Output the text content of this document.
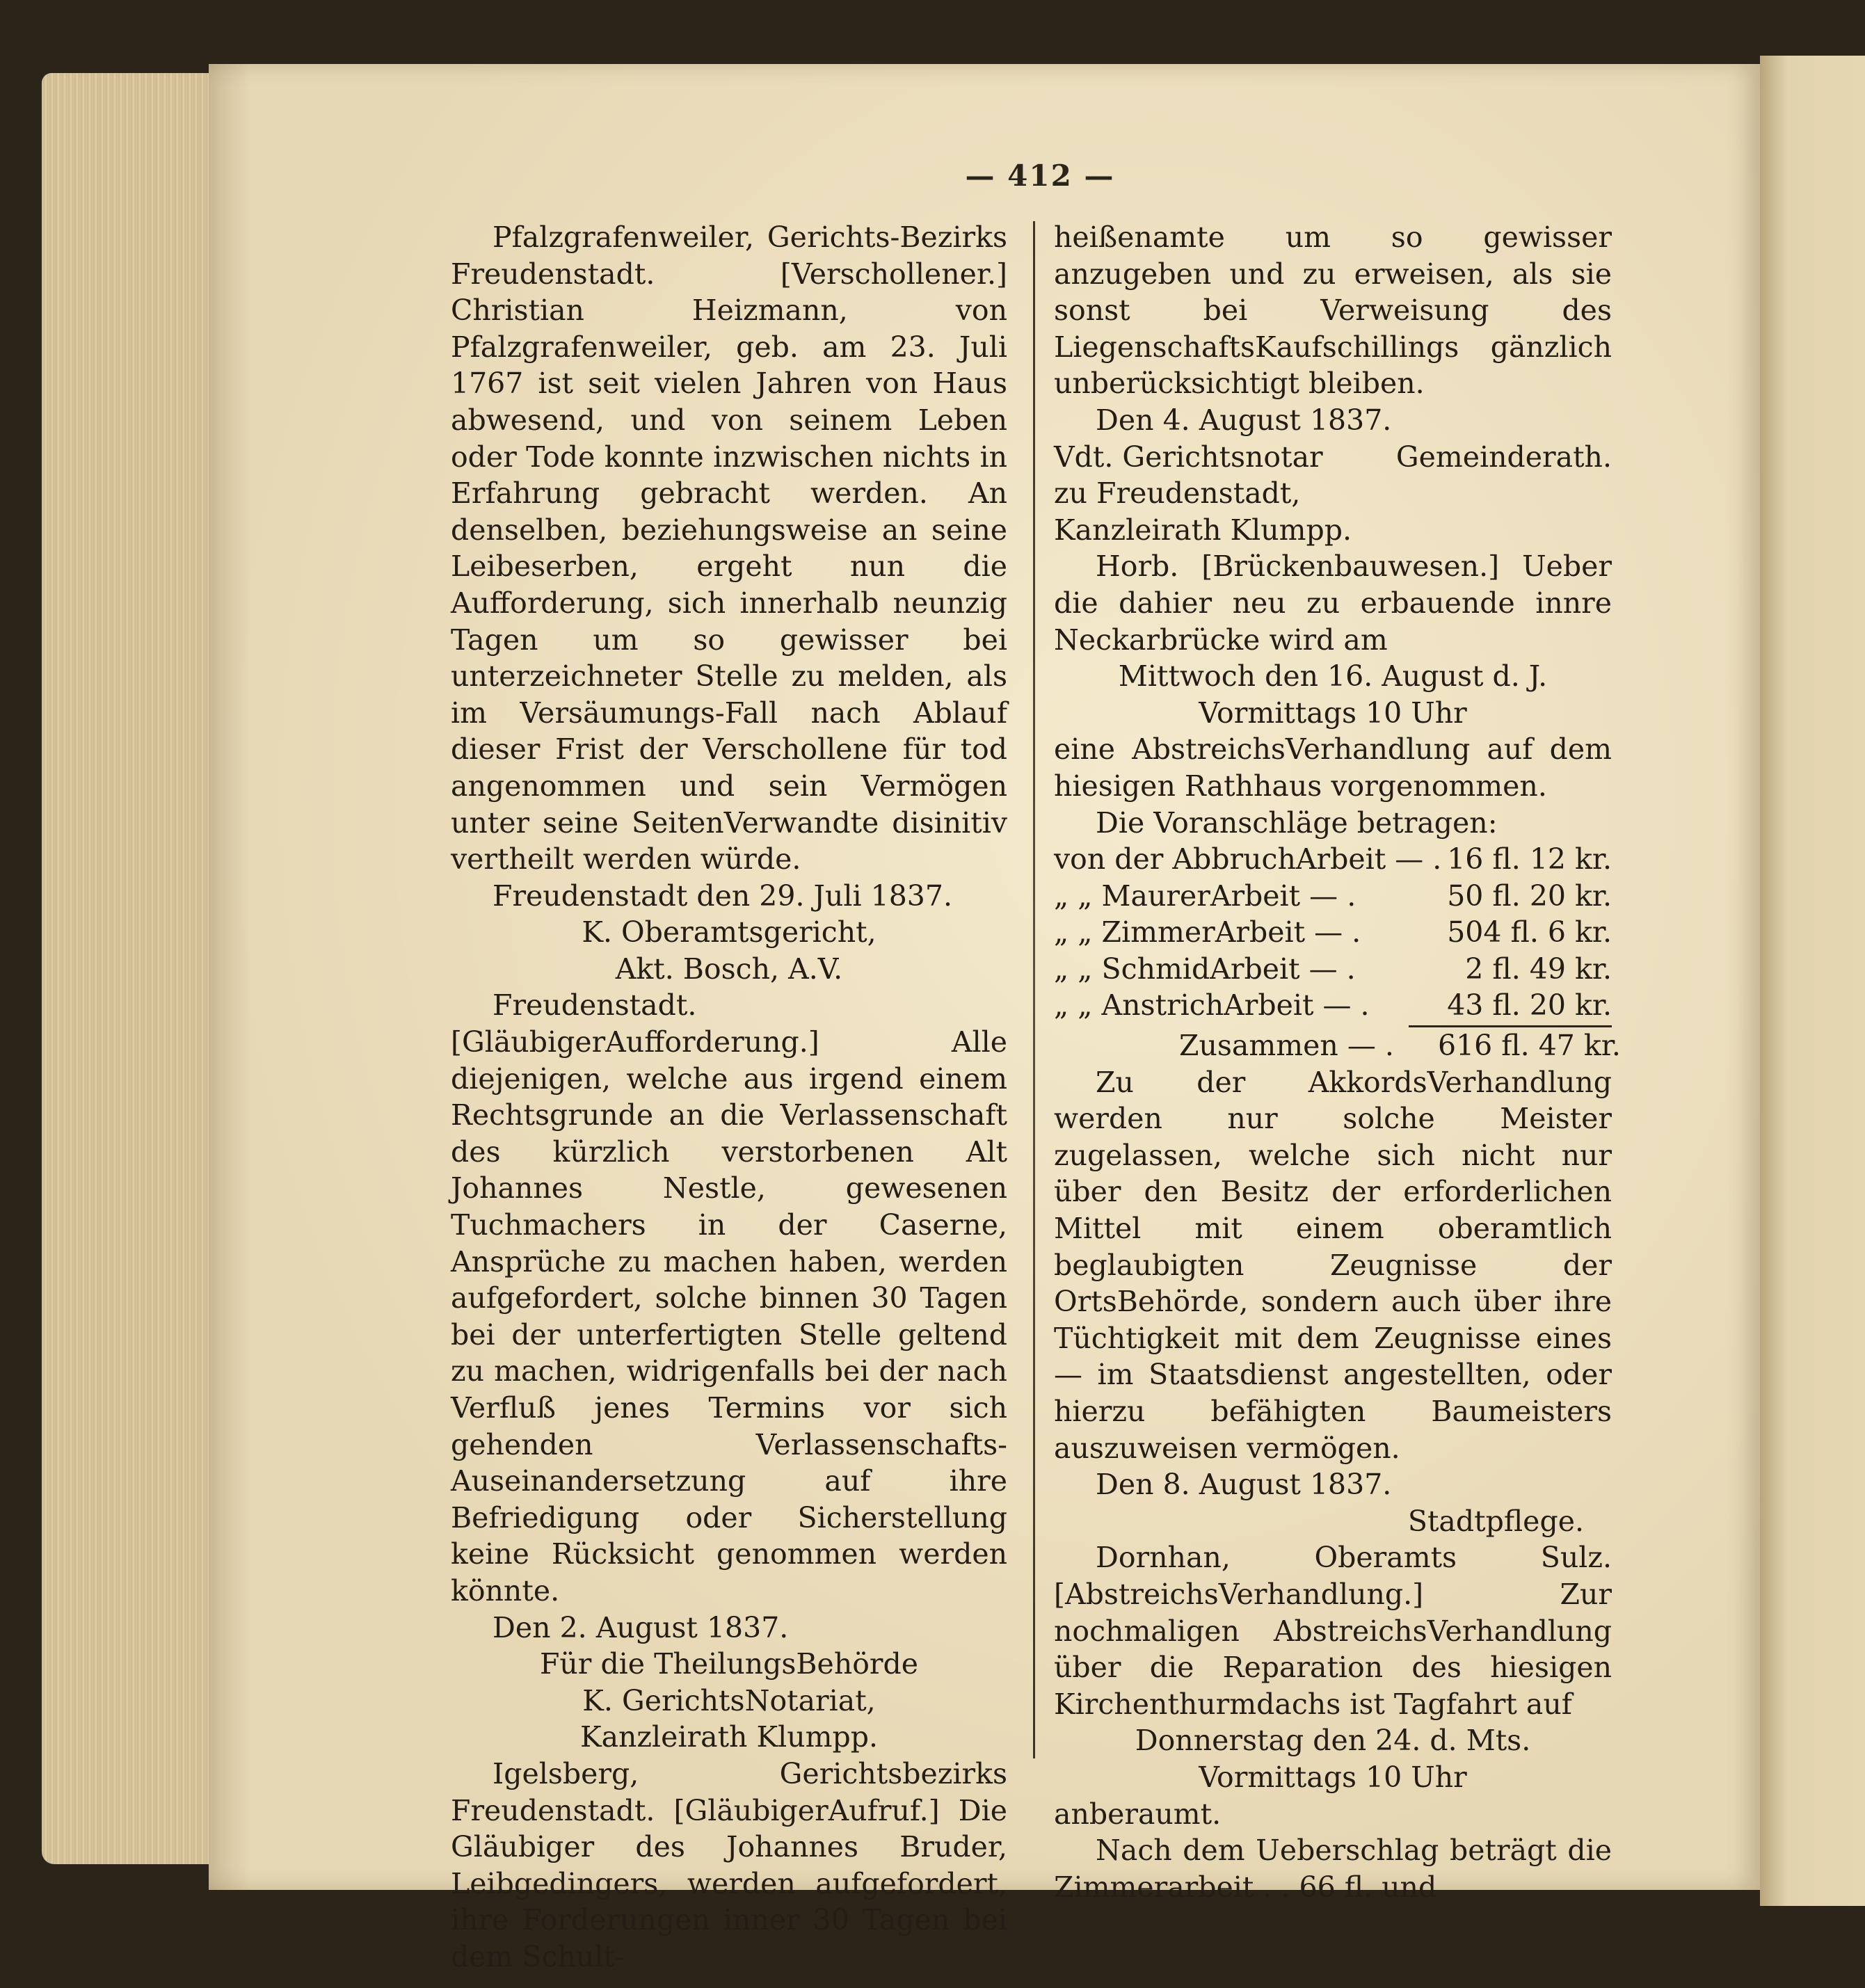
— 412 —

Pfalzgrafenweiler, Gerichts-Bezirks Freudenstadt. [Verschollener.] Christian Heizmann, von Pfalzgrafenweiler, geb. am 23. Juli 1767 ist seit vielen Jahren von Haus abwesend, und von seinem Leben oder Tode konnte inzwischen nichts in Erfahrung gebracht werden. An denselben, beziehungsweise an seine Leibeserben, ergeht nun die Aufforderung, sich innerhalb neunzig Tagen um so gewisser bei unterzeichneter Stelle zu melden, als im Versäumungs-Fall nach Ablauf dieser Frist der Verschollene für tod angenommen und sein Vermögen unter seine SeitenVerwandte disinitiv vertheilt werden würde.

Freudenstadt den 29. Juli 1837.

K. Oberamtsgericht,

Akt. Bosch, A.V.

Freudenstadt. [GläubigerAufforderung.] Alle diejenigen, welche aus irgend einem Rechtsgrunde an die Verlassenschaft des kürzlich verstorbenen Alt Johannes Nestle, gewesenen Tuchmachers in der Caserne, Ansprüche zu machen haben, werden aufgefordert, solche binnen 30 Tagen bei der unterfertigten Stelle geltend zu machen, widrigenfalls bei der nach Verfluß jenes Termins vor sich gehenden Verlassenschafts-Auseinandersetzung auf ihre Befriedigung oder Sicherstellung keine Rücksicht genommen werden könnte.

Den 2. August 1837.

Für die TheilungsBehörde

K. GerichtsNotariat,

Kanzleirath Klumpp.

Igelsberg, Gerichtsbezirks Freudenstadt. [GläubigerAufruf.] Die Gläubiger des Johannes Bruder, Leibgedingers, werden aufgefordert, ihre Forderungen inner 30 Tagen bei dem Schult-

heißenamte um so gewisser anzugeben und zu erweisen, als sie sonst bei Verweisung des LiegenschaftsKaufschillings gänzlich unberücksichtigt bleiben.

Den 4. August 1837.

Vdt. Gerichtsnotar	Gemeinderath.

zu Freudenstadt,

Kanzleirath Klumpp.

Horb. [Brückenbauwesen.] Ueber die dahier neu zu erbauende innre Neckarbrücke wird am

Mittwoch den 16. August d. J.

Vormittags 10 Uhr

eine AbstreichsVerhandlung auf dem hiesigen Rathhaus vorgenommen.

Die Voranschläge betragen:

von der AbbruchArbeit — . 16 fl. 12 kr.
„ „ MaurerArbeit — .	50 fl. 20 kr.
„ „ ZimmerArbeit — .	504 fl. 6 kr.
„ „ SchmidArbeit — .	2 fl. 49 kr.
„ „ AnstrichArbeit — .	43 fl. 20 kr.
Zusammen — .	616 fl. 47 kr.

Zu der AkkordsVerhandlung werden nur solche Meister zugelassen, welche sich nicht nur über den Besitz der erforderlichen Mittel mit einem oberamtlich beglaubigten Zeugnisse der OrtsBehörde, sondern auch über ihre Tüchtigkeit mit dem Zeugnisse eines — im Staatsdienst angestellten, oder hierzu befähigten Baumeisters auszuweisen vermögen.

Den 8. August 1837.

Stadtpflege.

Dornhan, Oberamts Sulz. [AbstreichsVerhandlung.] Zur nochmaligen AbstreichsVerhandlung über die Reparation des hiesigen Kirchenthurmdachs ist Tagfahrt auf

Donnerstag den 24. d. Mts.

Vormittags 10 Uhr

anberaumt.

Nach dem Ueberschlag beträgt die Zimmerarbeit . . 66 fl. und
